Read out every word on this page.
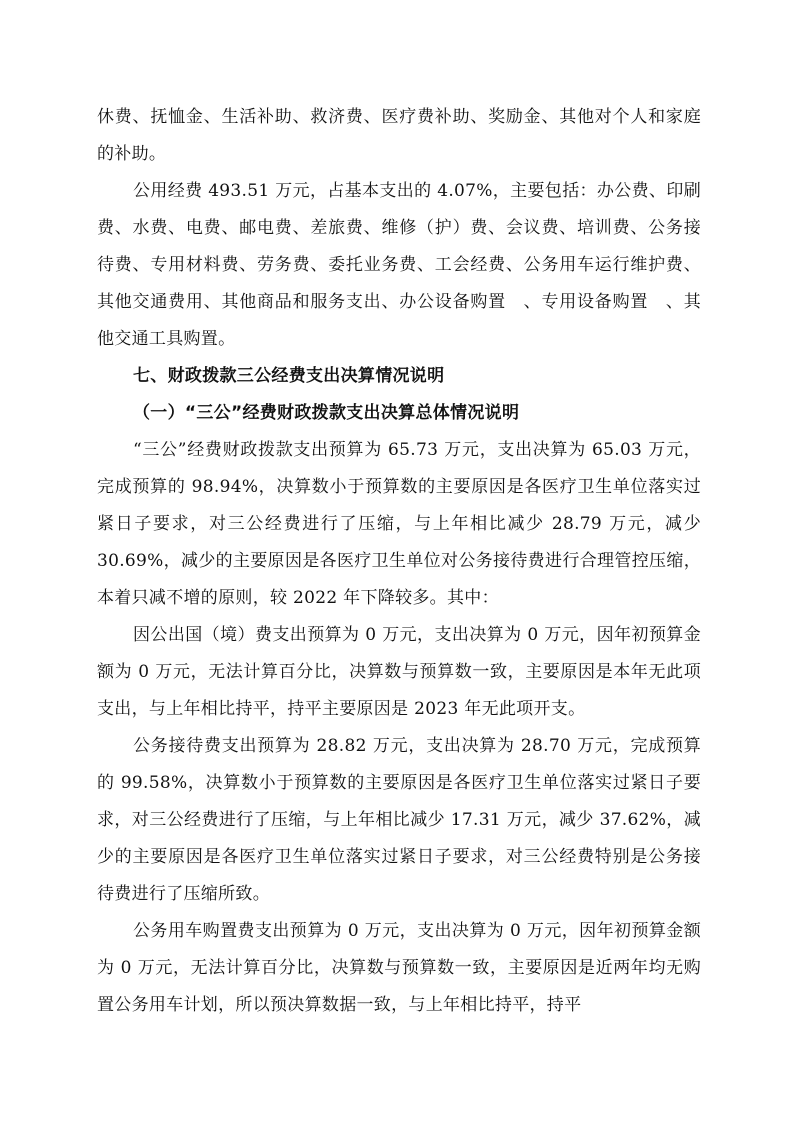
休费、抚恤金、生活补助、救济费、医疗费补助、奖励金、其他对个人和家庭的补助。

公用经费 493.51 万元，占基本支出的 4.07%，主要包括：办公费、印刷费、水费、电费、邮电费、差旅费、维修（护）费、会议费、培训费、公务接待费、专用材料费、劳务费、委托业务费、工会经费、公务用车运行维护费、其他交通费用、其他商品和服务支出、办公设备购置　、专用设备购置　、其他交通工具购置。

七、财政拨款三公经费支出决算情况说明

（一）“三公”经费财政拨款支出决算总体情况说明

“三公”经费财政拨款支出预算为 65.73 万元，支出决算为 65.03 万元，完成预算的 98.94%，决算数小于预算数的主要原因是各医疗卫生单位落实过紧日子要求，对三公经费进行了压缩，与上年相比减少 28.79 万元，减少 30.69%，减少的主要原因是各医疗卫生单位对公务接待费进行合理管控压缩，本着只减不增的原则，较 2022 年下降较多。其中：

因公出国（境）费支出预算为 0 万元，支出决算为 0 万元，因年初预算金额为 0 万元，无法计算百分比，决算数与预算数一致，主要原因是本年无此项支出，与上年相比持平，持平主要原因是 2023 年无此项开支。

公务接待费支出预算为 28.82 万元，支出决算为 28.70 万元，完成预算的 99.58%，决算数小于预算数的主要原因是各医疗卫生单位落实过紧日子要求，对三公经费进行了压缩，与上年相比减少 17.31 万元，减少 37.62%，减少的主要原因是各医疗卫生单位落实过紧日子要求，对三公经费特别是公务接待费进行了压缩所致。

公务用车购置费支出预算为 0 万元，支出决算为 0 万元，因年初预算金额为 0 万元，无法计算百分比，决算数与预算数一致，主要原因是近两年均无购置公务用车计划，所以预决算数据一致，与上年相比持平，持平
